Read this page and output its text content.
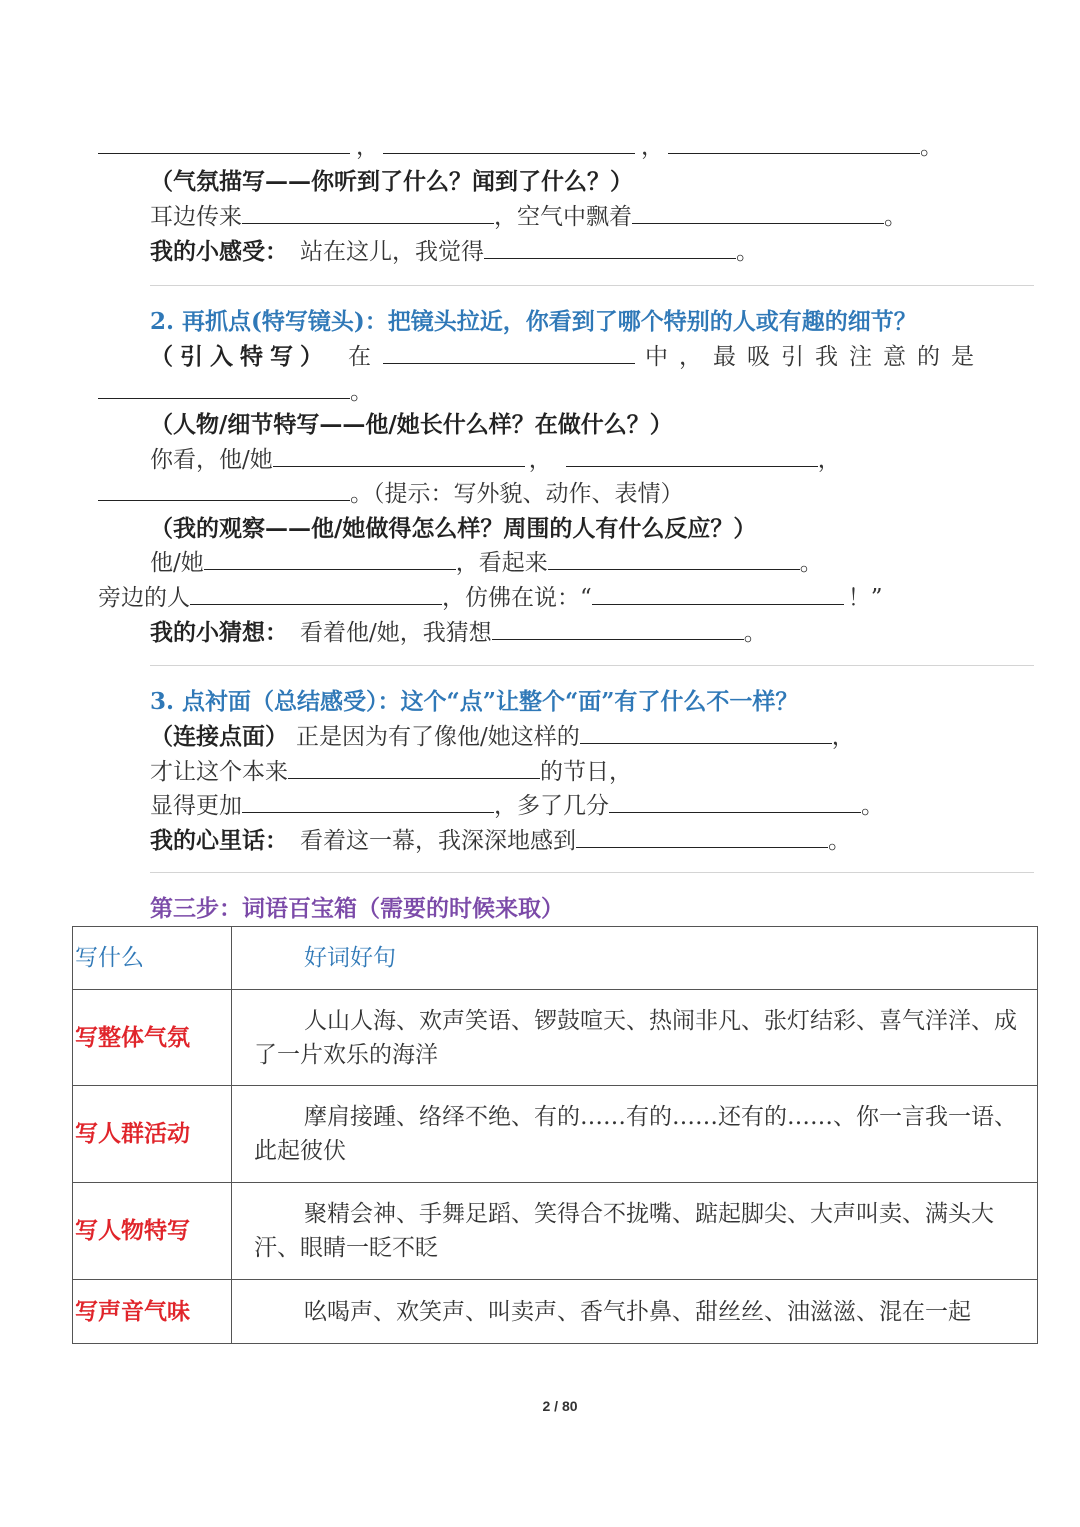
，	，	。
（气氛描写——你听到了什么？闻到了什么？）
耳边传来	，空气中飘着	。
我的小感受： 站在这儿，我觉得	。
2. 再抓点(特写镜头)：把镜头拉近，你看到了哪个特别的人或有趣的细节？
（引入特写） 在	中，最吸引我注意的是
。
（人物/细节特写——他/她长什么样？在做什么？）
你看，他/她	，	，
。（提示：写外貌、动作、表情）
（我的观察——他/她做得怎么样？周围的人有什么反应？）
他/她	，看起来	。
旁边的人	，仿佛在说：“	！”
我的小猜想： 看着他/她，我猜想	。
3. 点衬面（总结感受）：这个“点”让整个“面”有了什么不一样？
（连接点面） 正是因为有了像他/她这样的	，
才让这个本来	的节日，
显得更加	，多了几分	。
我的心里话： 看着这一幕，我深深地感到	。
第三步：词语百宝箱（需要的时候来取）
写什么	好词好句
写整体气氛	人山人海、欢声笑语、锣鼓喧天、热闹非凡、张灯结彩、喜气洋洋、成了一片欢乐的海洋
写人群活动	摩肩接踵、络绎不绝、有的……有的……还有的……、你一言我一语、此起彼伏
写人物特写	聚精会神、手舞足蹈、笑得合不拢嘴、踮起脚尖、大声叫卖、满头大汗、眼睛一眨不眨
写声音气味	吆喝声、欢笑声、叫卖声、香气扑鼻、甜丝丝、油滋滋、混在一起
2 / 80
